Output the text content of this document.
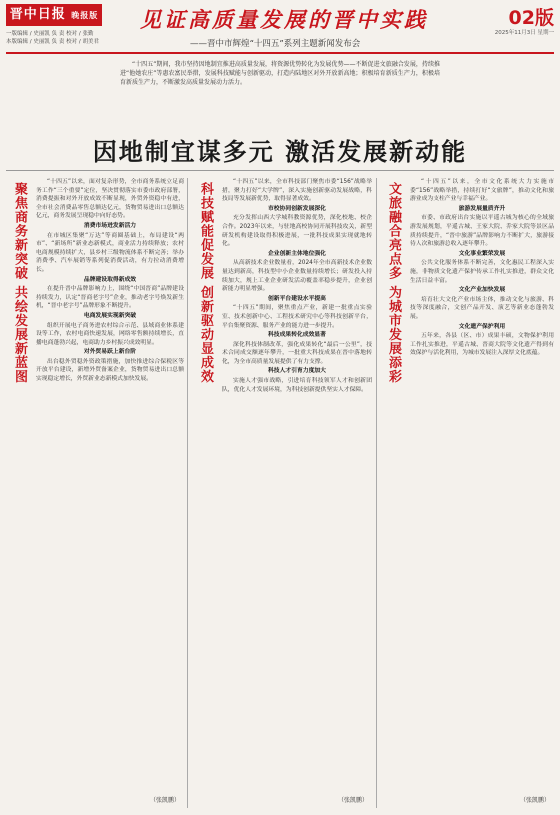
晋中日报 晚报版
一版编辑 / 史丽凯 负 责 校对 / 张勤
本版编辑 / 史丽凯 负 责 校对 / 胡美君
见证高质量发展的晋中实践
——晋中市辉煌“十四五”系列主题新闻发布会
02版
2025年11月3日 星期一
“十四五”期间，我市坚持因地制宜推进高质量发展，将资源优势转化为发展优势——不断促进文旅融合发展，持续推进“他她农庄”等惠农富民举措，发展科技赋能与创新驱动，打造内陆地区对外开放新高地；积极培育新质生产力，积极培育新质生产力，不断激发高质量发展动力活力。
因地制宜谋多元 激活发展新动能
聚焦商务新突破 共绘发展新蓝图

“十四五”以来，面对复杂形势，全市商务系统立足商务工作“三个重要”定位，坚决贯彻落实市委市政府部署，消费提振和对外开放成效不断显现，外贸外资稳中有进，全市社会消费品零售总额达亿元，货物贸易进出口总额达亿元，商务发展呈现稳中向好态势。

消费市场迸发新活力

在市城区集聚“万达”等商圈基础上，布局建设“两市”、“新场所”新业态新模式，商业活力持续释放；农村电商规模持续扩大，县乡村三级物流体系不断完善；举办消费季、汽车展销等系列促消费活动，有力拉动消费增长。

品牌建设取得新成效

在提升晋中品牌影响力上，围绕“中国晋商”品牌建设持续发力，认定“晋商老字号”企业，推动老字号焕发新生机，“晋中老字号”品牌形象不断提升。

电商发展实现新突破

组织开展电子商务进农村综合示范、县域商业体系建设等工作，农村电商快速发展，网络零售额持续增长，直播电商蓬勃兴起，电商助力乡村振兴成效明显。

对外贸易跃上新台阶

出台稳外贸稳外资政策措施，加快推进综合保税区等开放平台建设，新增外贸备案企业，货物贸易进出口总额实现稳定增长，外贸新业态新模式加快发展。

（张凯鹏）
科技赋能促发展 创新驱动显成效

“十四五”以来，全市科技部门聚焦市委“156”战略举措，聚力打好“大学牌”，深入实施创新驱动发展战略，科技局等发展新优势，取得显著成效。

市校协同创新发展深化

充分发挥山西大学城科教资源优势，深化校地、校企合作。2023年以来，与驻地高校协同开展科技攻关，新型研发机构建设取得积极进展，一批科技成果实现就地转化。

企业创新主体地位强化

从高新技术企业数量看，2024年全市高新技术企业数量达到新高，科技型中小企业数量持续增长；研发投入持续加大，规上工业企业研发活动覆盖率稳步提升，企业创新能力明显增强。

创新平台建设水平提高

“十四五”期间，聚焦重点产业，新建一批重点实验室、技术创新中心、工程技术研究中心等科技创新平台，平台集聚资源、服务产业的能力进一步提升。

科技成果转化成效显著

深化科技体制改革，强化成果转化“最后一公里”，技术合同成交额逐年攀升，一批重大科技成果在晋中落地转化，为全市高质量发展提供了有力支撑。

科技人才引育力度加大

实施人才强市战略，引进培育科技领军人才和创新团队，优化人才发展环境，为科技创新提供坚实人才保障。

（张凯鹏）
文旅融合亮点多 为城市发展添彩

“十四五”以来，全市文化系统大力实施市委“156”战略举措，持续打好“文旅牌”，推动文化和旅游业成为支柱产业与幸福产业。

旅游发展量质齐升

市委、市政府出台实施以平遥古城为核心的全域旅游发展规划，平遥古城、王家大院、乔家大院等景区品质持续提升，“晋中旅游”品牌影响力不断扩大，旅游接待人次和旅游总收入逐年攀升。

文化事业繁荣发展

公共文化服务体系不断完善，文化惠民工程深入实施，非物质文化遗产保护传承工作扎实推进，群众文化生活日益丰富。

文化产业加快发展

培育壮大文化产业市场主体，推动文化与旅游、科技等深度融合，文创产品开发、演艺等新业态蓬勃发展。

文化遗产保护利用

五年来，各县（区、市）成果丰硕，文物保护利用工作扎实推进，平遥古城、晋商大院等文化遗产得到有效保护与活化利用，为城市发展注入深厚文化底蕴。

（张凯鹏）
